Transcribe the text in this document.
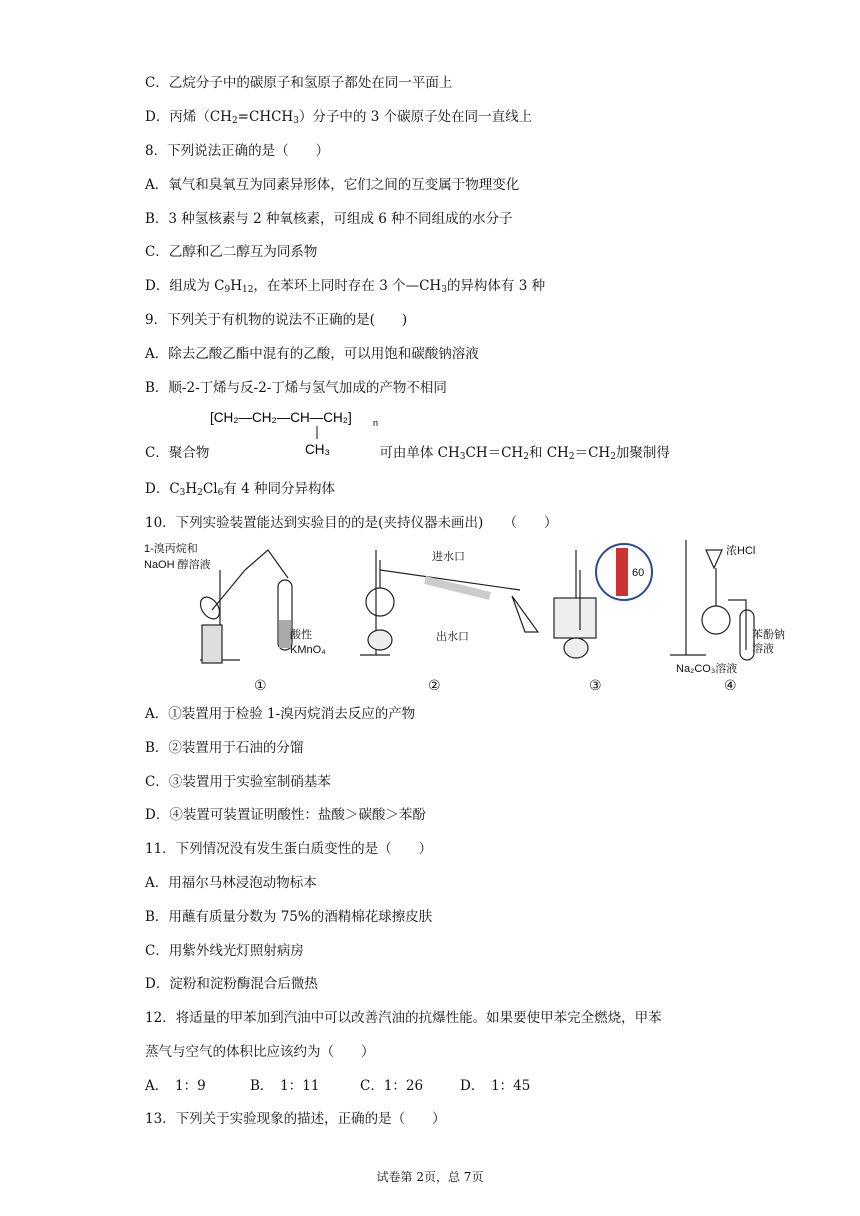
C．乙烷分子中的碳原子和氢原子都处在同一平面上
D．丙烯$(CH_2=CHCH_3)$分子中的 3 个碳原子处在同一直线上
8．下列说法正确的是（　　）
A．氧气和臭氧互为同素异形体，它们之间的互变属于物理变化
B．3 种氢核素与 2 种氧核素，可组成 6 种不同组成的水分子
C．乙醇和乙二醇互为同系物
D．组成为 $C_9H_{12}$，在苯环上同时存在 3 个$—CH_3$的异构体有 3 种
9．下列关于有机物的说法不正确的是(　　)
A．除去乙酸乙酯中混有的乙酸，可以用饱和碳酸钠溶液
B．顺-2-丁烯与反-2-丁烯与氢气加成的产物不相同
[CH₂—CH₂—CH—CH₂] n
CH₃
C．聚合物	可由单体 $CH_3CH=CH_2$和 $CH_2=CH_2$加聚制得
D．$C_3H_2Cl_6$有 4 种同分异构体
10．下列实验装置能达到实验目的的是(夹持仪器未画出)　　（　　）
1-溴丙烷和
NaOH 醇溶液
酸性
KMnO₄
①
进水口
出水口
②
60
③
浓HCl
苯酚钠
溶液
Na₂CO₃溶液
④
A．①装置用于检验 1-溴丙烷消去反应的产物
B．②装置用于石油的分馏
C．③装置用于实验室制硝基苯
D．④装置可装置证明酸性：盐酸＞碳酸＞苯酚
11．下列情况没有发生蛋白质变性的是（　　）
A．用福尔马林浸泡动物标本
B．用蘸有质量分数为 75%的酒精棉花球擦皮肤
C．用紫外线光灯照射病房
D．淀粉和淀粉酶混合后微热
12．将适量的甲苯加到汽油中可以改善汽油的抗爆性能。如果要使甲苯完全燃烧，甲苯
蒸气与空气的体积比应该约为（　　）
A．　1：9	B．　1：11	C．1：26	D．　1：45
13．下列关于实验现象的描述，正确的是（　　）
试卷第 2页，总 7页
